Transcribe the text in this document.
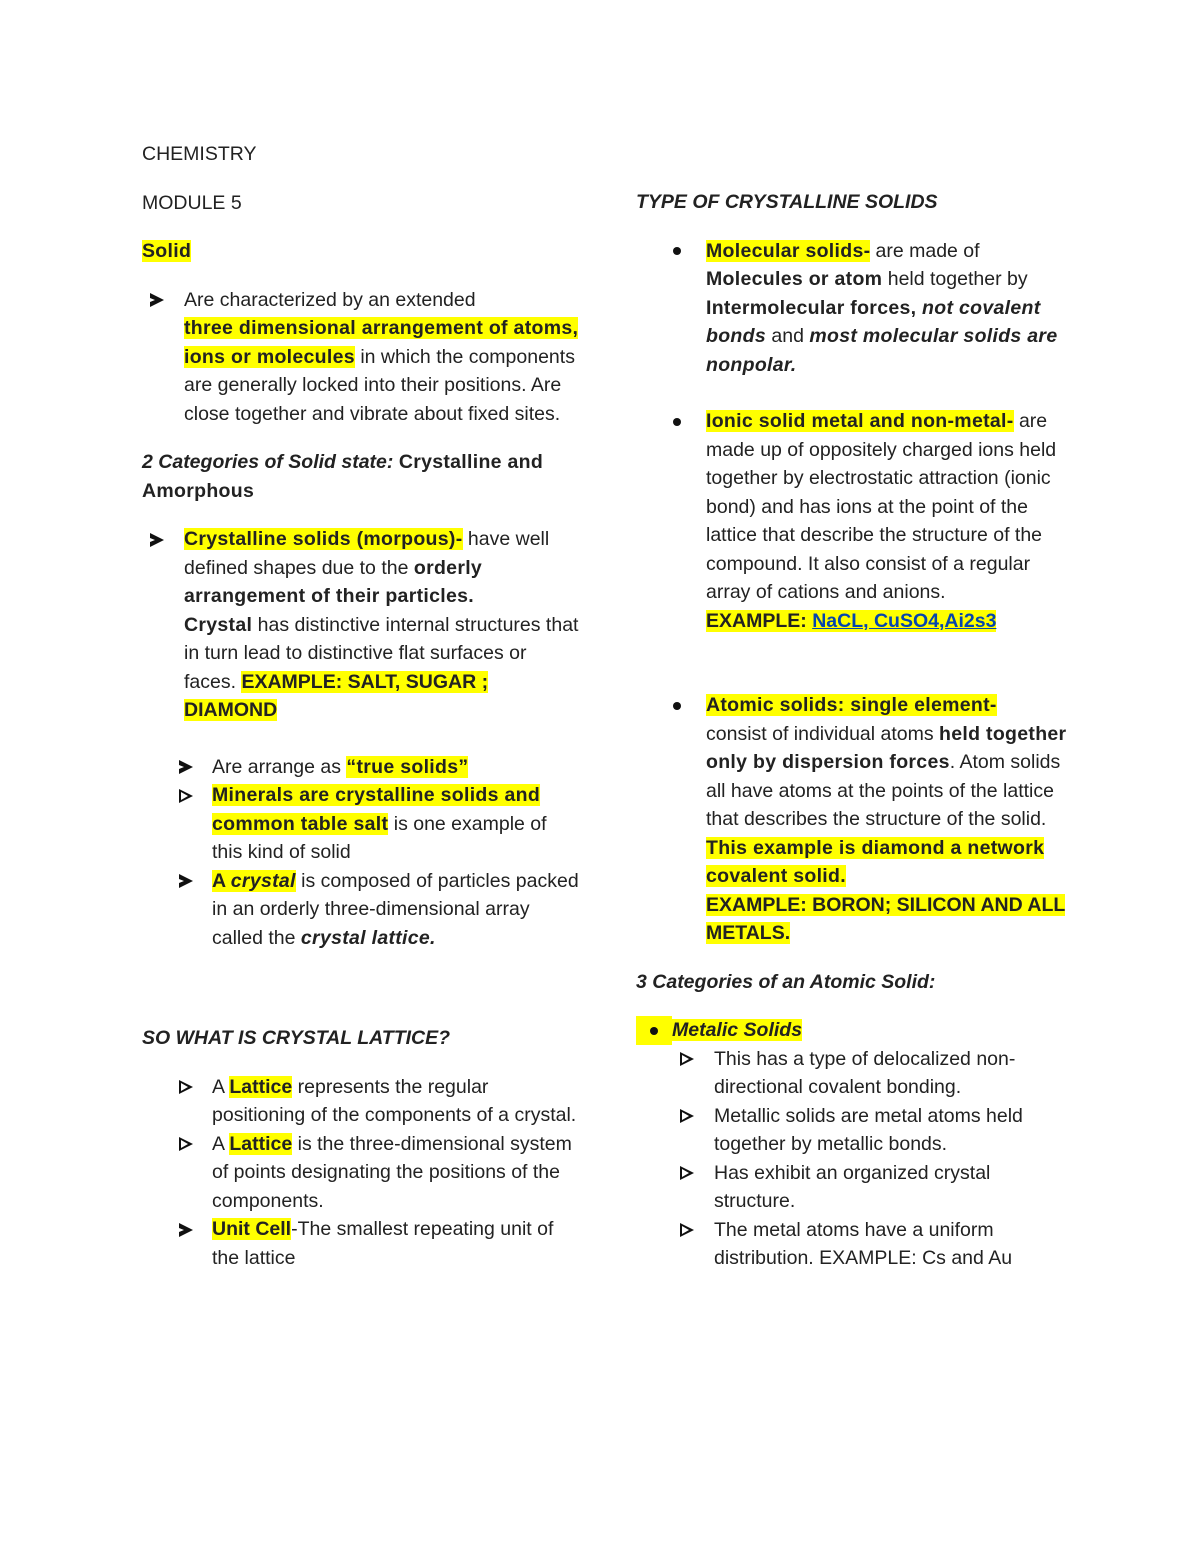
CHEMISTRY

MODULE 5

Solid

Are characterized by an extended
three dimensional arrangement of atoms, ions or molecules in which the components are generally locked into their positions. Are close together and vibrate about fixed sites.

2 Categories of Solid state: Crystalline and Amorphous

Crystalline solids (morpous)- have well defined shapes due to the orderly arrangement of their particles.
Crystal has distinctive internal structures that in turn lead to distinctive flat surfaces or faces. EXAMPLE: SALT, SUGAR ; DIAMOND
Are arrange as “true solids”
Minerals are crystalline solids and common table salt is one example of this kind of solid
A crystal is composed of particles packed in an orderly three-dimensional array called the crystal lattice.

SO WHAT IS CRYSTAL LATTICE?

A Lattice represents the regular positioning of the components of a crystal.
A Lattice is the three-dimensional system of points designating the positions of the components.
Unit Cell-The smallest repeating unit of the lattice

TYPE OF CRYSTALLINE SOLIDS

Molecular solids- are made of
Molecules or atom held together by
Intermolecular forces, not covalent bonds and most molecular solids are nonpolar.
Ionic solid metal and non-metal- are made up of oppositely charged ions held together by electrostatic attraction (ionic bond) and has ions at the point of the lattice that describe the structure of the compound. It also consist of a regular array of cations and anions.
EXAMPLE: NaCL, CuSO4,Ai2s3
Atomic solids: single element-
consist of individual atoms held together only by dispersion forces. Atom solids all have atoms at the points of the lattice that describes the structure of the solid.
This example is diamond a network covalent solid.
EXAMPLE: BORON; SILICON AND ALL METALS.

3 Categories of an Atomic Solid:

Metalic Solids
This has a type of delocalized non-directional covalent bonding.
Metallic solids are metal atoms held together by metallic bonds.
Has exhibit an organized crystal structure.
The metal atoms have a uniform distribution. EXAMPLE: Cs and Au
